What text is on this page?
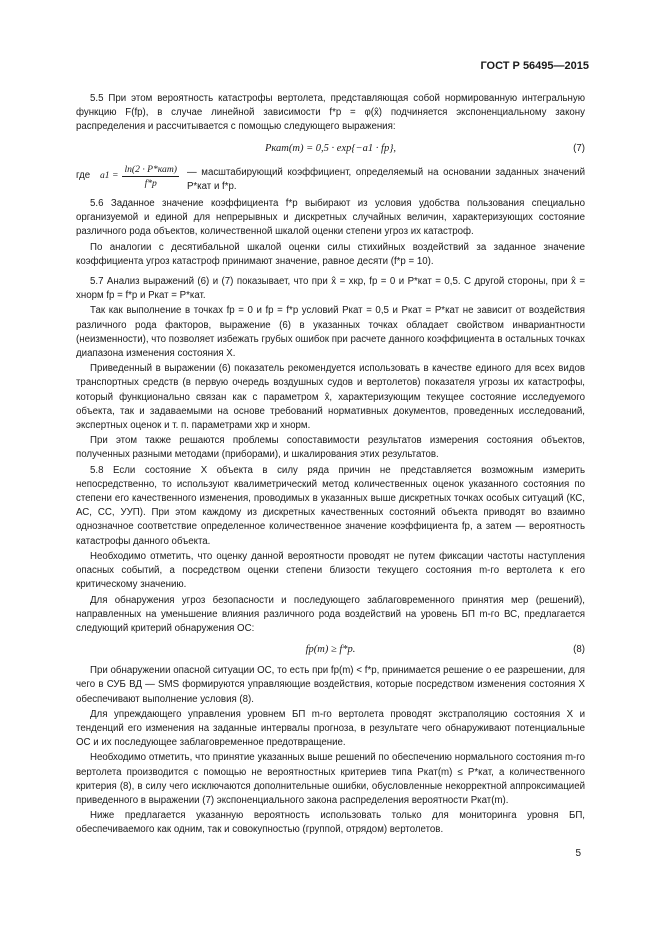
ГОСТ Р 56495—2015

5.5 При этом вероятность катастрофы вертолета, представляющая собой нормированную интегральную функцию F(fp), в случае линейной зависимости f*p = φ(x̂) подчиняется экспоненциальному закону распределения и рассчитывается с помощью следующего выражения:

Pкат(m) = 0,5 · exp{−a1 · fp},	(7)
где	a1 =
ln(2 · P*кат)
f*p
— масштабирующий коэффициент, определяемый на основании заданных значений P*кат и f*p.

5.6 Заданное значение коэффициента f*p выбирают из условия удобства пользования специально организуемой и единой для непрерывных и дискретных случайных величин, характеризующих состояние различного рода объектов, количественной шкалой оценки степени угроз их катастроф.

По аналогии с десятибальной шкалой оценки силы стихийных воздействий за заданное значение коэффициента угроз катастроф принимают значение, равное десяти (f*p = 10).

5.7 Анализ выражений (6) и (7) показывает, что при x̂ = xкр, fp = 0 и P*кат = 0,5. С другой стороны, при x̂ = xнорм fp = f*p и Pкат = P*кат.

Так как выполнение в точках fp = 0 и fp = f*p условий Pкат = 0,5 и Pкат = P*кат не зависит от воздействия различного рода факторов, выражение (6) в указанных точках обладает свойством инвариантности (неизменности), что позволяет избежать грубых ошибок при расчете данного коэффициента в остальных точках диапазона изменения состояния X.

Приведенный в выражении (6) показатель рекомендуется использовать в качестве единого для всех видов транспортных средств (в первую очередь воздушных судов и вертолетов) показателя угрозы их катастрофы, который функционально связан как с параметром x̂, характеризующим текущее состояние исследуемого объекта, так и задаваемыми на основе требований нормативных документов, проведенных исследований, экспертных оценок и т. п. параметрами xкр и xнорм.

При этом также решаются проблемы сопоставимости результатов измерения состояния объектов, полученных разными методами (приборами), и шкалирования этих результатов.

5.8 Если состояние X объекта в силу ряда причин не представляется возможным измерить непосредственно, то используют квалиметрический метод количественных оценок указанного состояния по степени его качественного изменения, проводимых в указанных выше дискретных точках особых ситуаций (КС, АС, СС, УУП). При этом каждому из дискретных качественных состояний объекта приводят во взаимно однозначное соответствие определенное количественное значение коэффициента fp, а затем — вероятность катастрофы данного объекта.

Необходимо отметить, что оценку данной вероятности проводят не путем фиксации частоты наступления опасных событий, а посредством оценки степени близости текущего состояния m-го вертолета к его критическому значению.

Для обнаружения угроз безопасности и последующего заблаговременного принятия мер (решений), направленных на уменьшение влияния различного рода воздействий на уровень БП m-го ВС, предлагается следующий критерий обнаружения ОС:

fp(m) ≥ f*p.	(8)

При обнаружении опасной ситуации ОС, то есть при fp(m) < f*p, принимается решение о ее разрешении, для чего в СУБ ВД — SMS формируются управляющие воздействия, которые посредством изменения состояния X обеспечивают выполнение условия (8).

Для упреждающего управления уровнем БП m-го вертолета проводят экстраполяцию состояния X и тенденций его изменения на заданные интервалы прогноза, в результате чего обнаруживают потенциальные ОС и их последующее заблаговременное предотвращение.

Необходимо отметить, что принятие указанных выше решений по обеспечению нормального состояния m-го вертолета производится с помощью не вероятностных критериев типа Pкат(m) ≤ P*кат, а количественного критерия (8), в силу чего исключаются дополнительные ошибки, обусловленные некорректной аппроксимацией приведенного в выражении (7) экспоненциального закона распределения вероятности Pкат(m).

Ниже предлагается указанную вероятность использовать только для мониторинга уровня БП, обеспечиваемого как одним, так и совокупностью (группой, отрядом) вертолетов.

5
